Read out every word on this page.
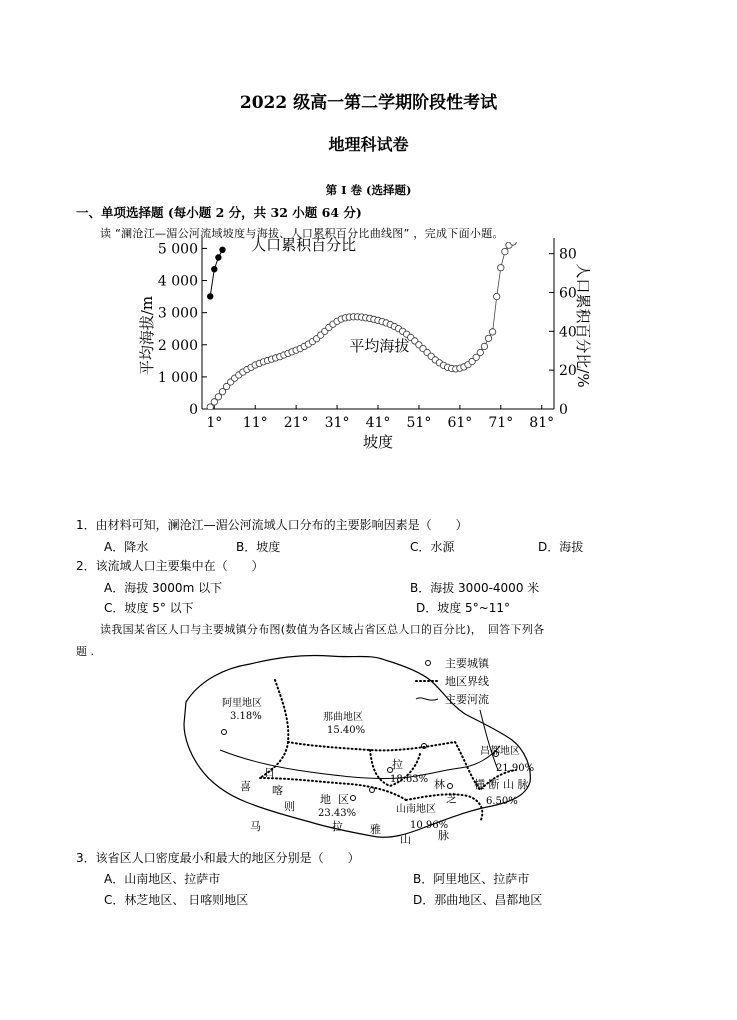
2022 级高一第二学期阶段性考试
地理科试卷
第 I 卷 (选择题)
一、单项选择题 (每小题 2 分，共 32 小题 64 分)
读 “澜沧江—湄公河流域坡度与海拔、人口累积百分比曲线图” ，完成下面小题。
0
1 000
2 000
3 000
4 000
5 000
0
20
40
60
80
1° 11° 21° 31° 41° 51° 61° 71° 81°
坡度
平均海拔/m	人口累积百分比/%
人口累积百分比
平均海拔
1．由材料可知，澜沧江—湄公河流域人口分布的主要影响因素是（　　）
A．降水	B．坡度	C．水源	D．海拔
2．该流域人口主要集中在（　　）
A．海拔 3000m 以下	B．海拔 3000-4000 米
C．坡度 5° 以下	D．坡度 5°~11°
读我国某省区人口与主要城镇分布图(数值为各区域占省区总人口的百分比)，　回答下列各
题 .
主要城镇
地区界线
主要河流
阿里地区
3.18%	那曲地区
15.40%
昌都地区
21.90%
18.63%
6.50%
山南地区
10.96%
23.43%
喜
马	拉 雅
山 脉
日
喀
则
地 区
林
芝
横 断 山 脉
拉
3．该省区人口密度最小和最大的地区分别是（　　）
A．山南地区、拉萨市	B．阿里地区、拉萨市
C．林芝地区、 日喀则地区	D．那曲地区、昌都地区
